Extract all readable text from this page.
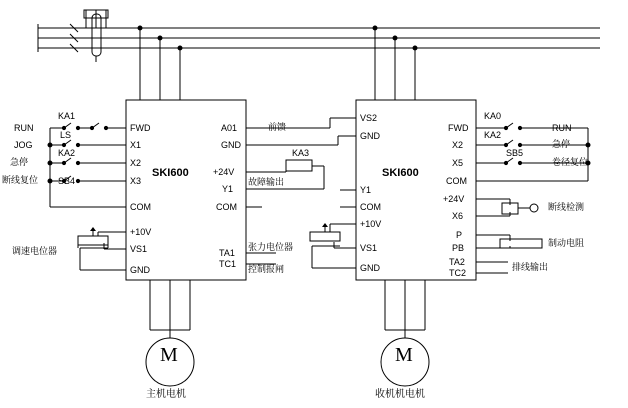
SKI600
FWD
X1
X2
X3
COM
+10V
VS1
GND
A01
GND
+24V
Y1
COM
TA1
TC1
RUN
JOG
急停
断线复位
KA1
LS
KA2
SB4
前馈
故障输出
控制报闸
KA3
调速电位器
M
主机电机
SKI600
VS2
GND
Y1
COM
+10V
VS1
GND
FWD
X2
X5
COM
+24V
X6
P
PB
TA2
TC2
RUN
急停
卷径复位
断线检测
制动电阻
排线输出
KA0
KA2
SB5
张力电位器
M
收机机电机
